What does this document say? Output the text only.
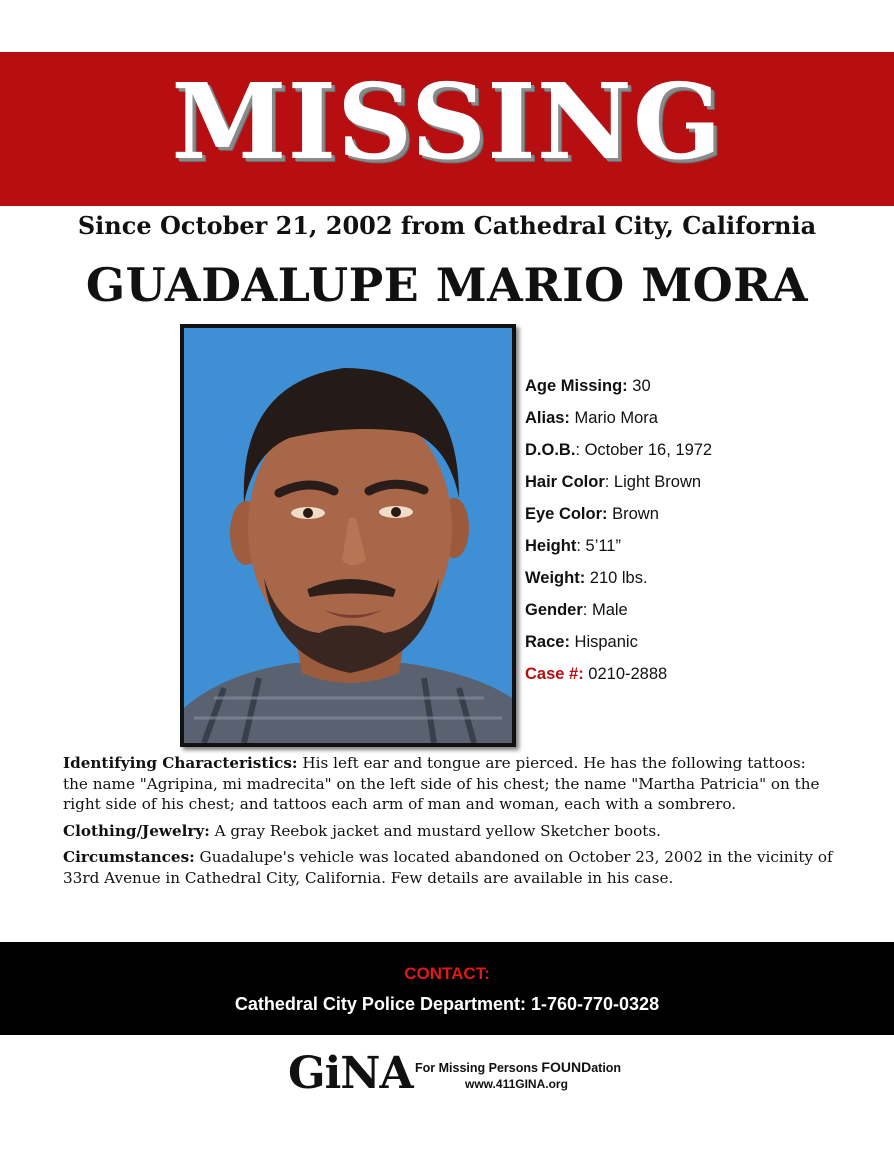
MISSING
Since October 21, 2002 from Cathedral City, California
GUADALUPE MARIO MORA
Age Missing: 30
Alias: Mario Mora
D.O.B.: October 16, 1972
Hair Color: Light Brown
Eye Color: Brown
Height: 5’11”
Weight: 210 lbs.
Gender: Male
Race: Hispanic
Case #: 0210-2888

Identifying Characteristics: His left ear and tongue are pierced. He has the following tattoos: the name "Agripina, mi madrecita" on the left side of his chest; the name "Martha Patricia" on the right side of his chest; and tattoos each arm of man and woman, each with a sombrero.

Clothing/Jewelry: A gray Reebok jacket and mustard yellow Sketcher boots.

Circumstances: Guadalupe's vehicle was located abandoned on October 23, 2002 in the vicinity of 33rd Avenue in Cathedral City, California. Few details are available in his case.

CONTACT:
Cathedral City Police Department: 1-760-770-0328
GiNA For Missing Persons FOUNDation
www.411GINA.org
